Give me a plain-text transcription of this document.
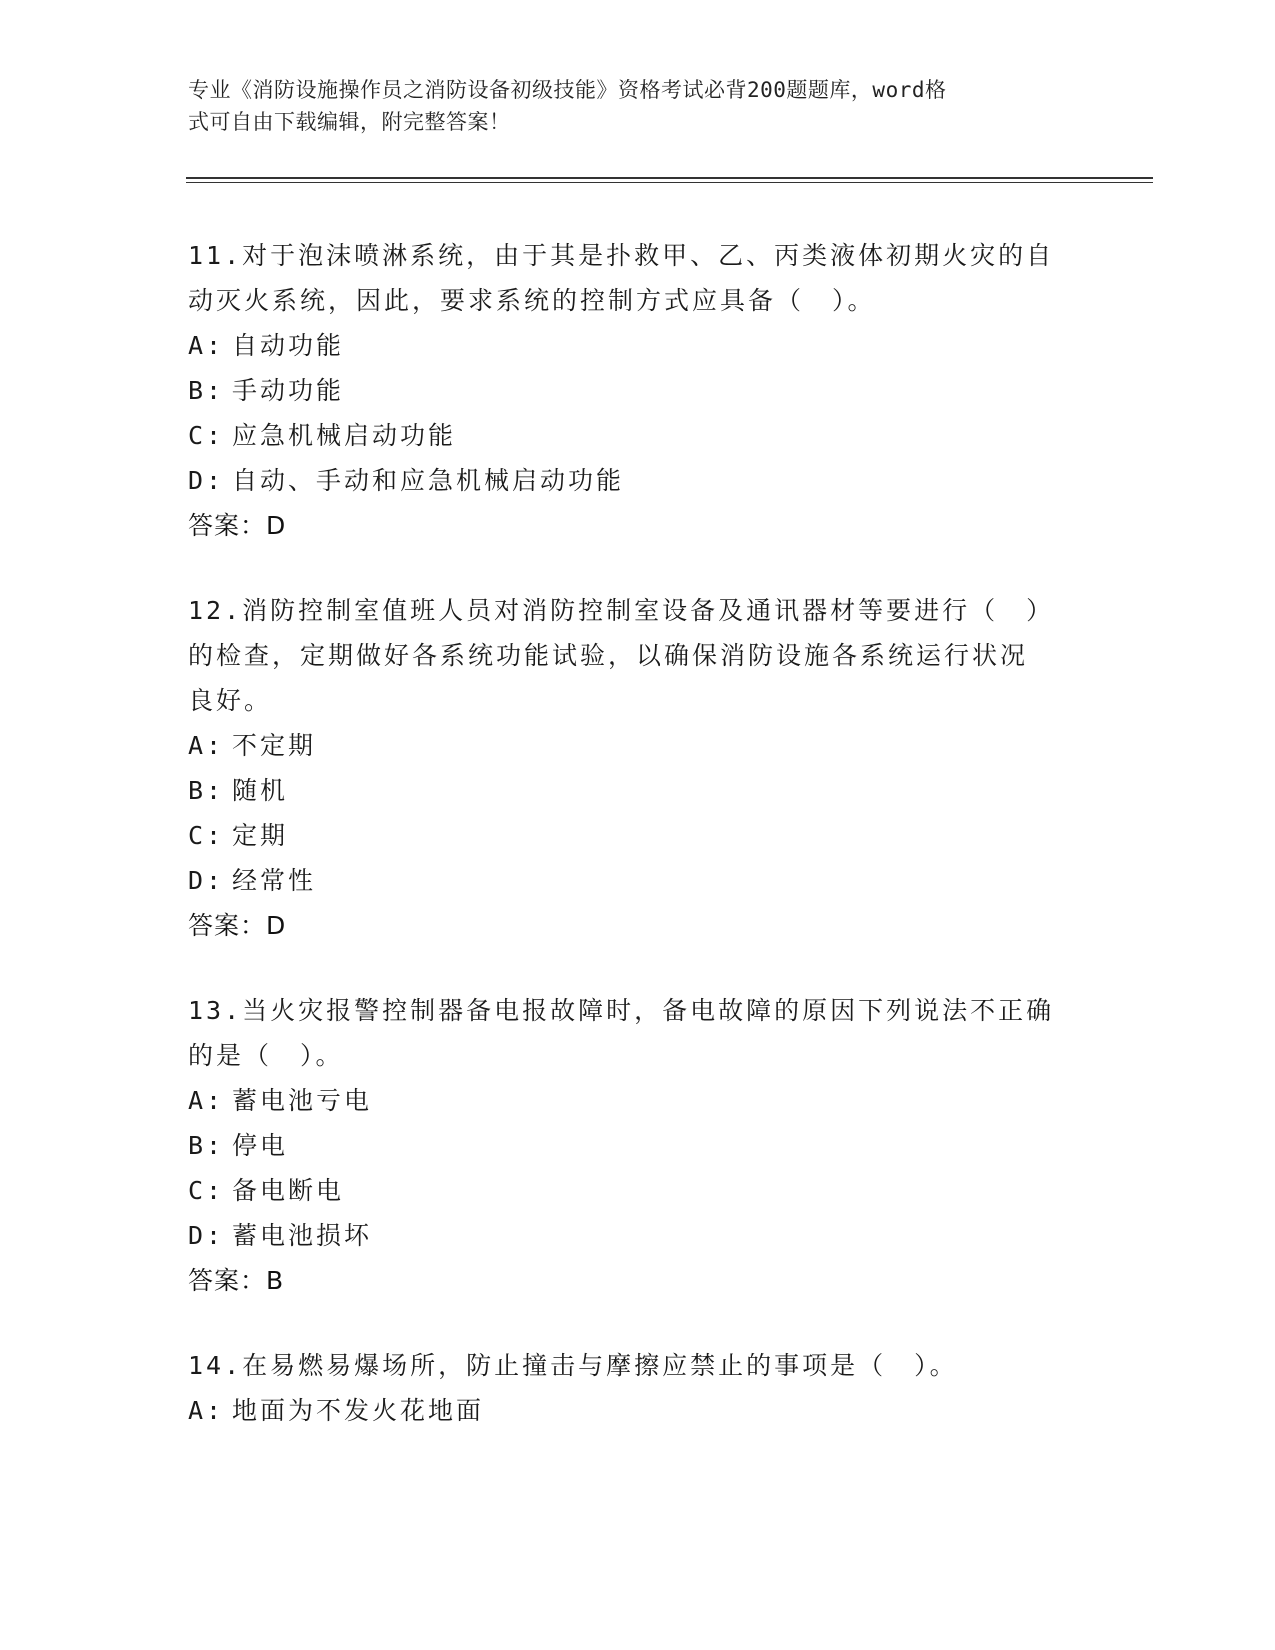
专业《消防设施操作员之消防设备初级技能》资格考试必背200题题库，word格
式可自由下载编辑，附完整答案！

11.对于泡沫喷淋系统，由于其是扑救甲、乙、丙类液体初期火灾的自
动灭火系统，因此，要求系统的控制方式应具备（　）。

A: 自动功能
B: 手动功能
C: 应急机械启动功能
D: 自动、手动和应急机械启动功能
答案：D

12.消防控制室值班人员对消防控制室设备及通讯器材等要进行（　）
的检查，定期做好各系统功能试验，以确保消防设施各系统运行状况
良好。

A: 不定期
B: 随机
C: 定期
D: 经常性
答案：D

13.当火灾报警控制器备电报故障时，备电故障的原因下列说法不正确
的是（　）。

A: 蓄电池亏电
B: 停电
C: 备电断电
D: 蓄电池损坏
答案：B

14.在易燃易爆场所，防止撞击与摩擦应禁止的事项是（　）。

A: 地面为不发火花地面
